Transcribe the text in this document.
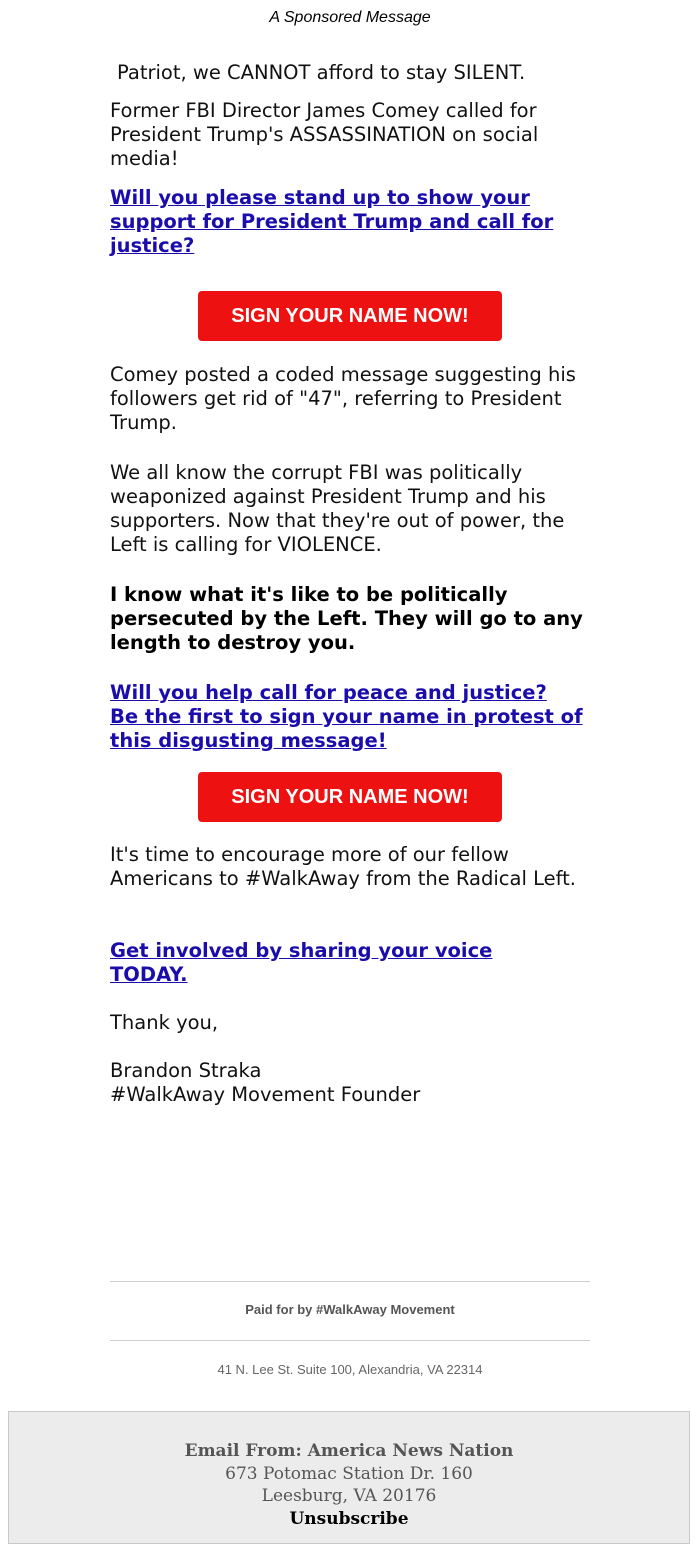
A Sponsored Message
Patriot, we CANNOT afford to stay SILENT.
Former FBI Director James Comey called for President Trump's ASSASSINATION on social media!
Will you please stand up to show your
support for President Trump and call for
justice?
SIGN YOUR NAME NOW!
Comey posted a coded message suggesting his followers get rid of "47", referring to President Trump.
We all know the corrupt FBI was politically weaponized against President Trump and his supporters. Now that they're out of power, the Left is calling for VIOLENCE.
I know what it's like to be politically persecuted by the Left. They will go to any length to destroy you.
Will you help call for peace and justice?
Be the first to sign your name in protest of
this disgusting message!
SIGN YOUR NAME NOW!
It's time to encourage more of our fellow Americans to #WalkAway from the Radical Left.
Get involved by sharing your voice
TODAY.
Thank you,
Brandon Straka
#WalkAway Movement Founder
Paid for by #WalkAway Movement
41 N. Lee St. Suite 100, Alexandria, VA 22314
Email From: America News Nation
673 Potomac Station Dr. 160
Leesburg, VA 20176
Unsubscribe
